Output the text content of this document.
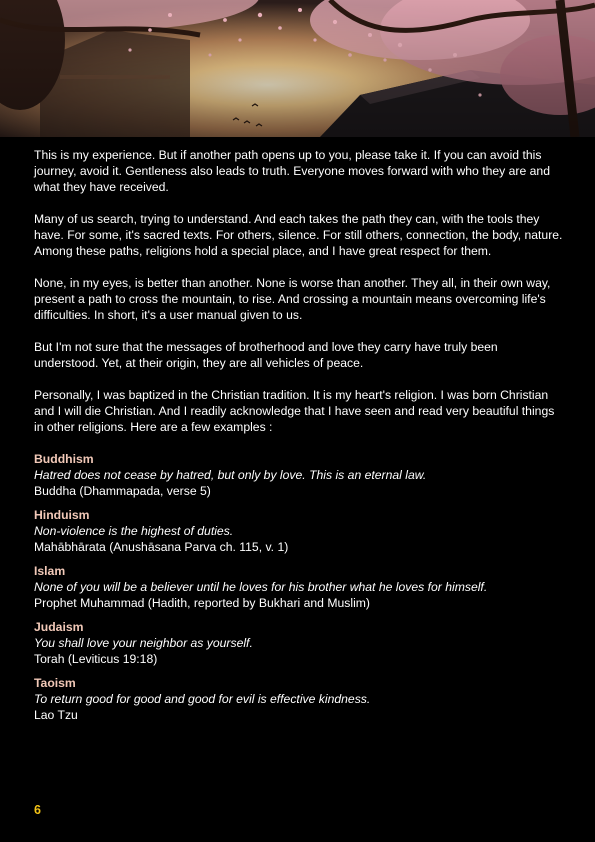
This is my experience. But if another path opens up to you, please take it. If you can avoid this journey, avoid it. Gentleness also leads to truth. Everyone moves forward with who they are and what they have received.

Many of us search, trying to understand. And each takes the path they can, with the tools they have. For some, it's sacred texts. For others, silence. For still others, connection, the body, nature. Among these paths, religions hold a special place, and I have great respect for them.

None, in my eyes, is better than another. None is worse than another. They all, in their own way, present a path to cross the mountain, to rise. And crossing a mountain means overcoming life's difficulties. In short, it's a user manual given to us.

But I'm not sure that the messages of brotherhood and love they carry have truly been understood. Yet, at their origin, they are all vehicles of peace.

Personally, I was baptized in the Christian tradition. It is my heart's religion. I was born Christian and I will die Christian. And I readily acknowledge that I have seen and read very beautiful things in other religions. Here are a few examples :

Buddhism
Hatred does not cease by hatred, but only by love. This is an eternal law.
Buddha (Dhammapada, verse 5)
Hinduism
Non-violence is the highest of duties.
Mahābhārata (Anushāsana Parva ch. 115, v. 1)
Islam
None of you will be a believer until he loves for his brother what he loves for himself.
Prophet Muhammad (Hadith, reported by Bukhari and Muslim)
Judaism
You shall love your neighbor as yourself.
Torah (Leviticus 19:18)
Taoism
To return good for good and good for evil is effective kindness.
Lao Tzu
6
